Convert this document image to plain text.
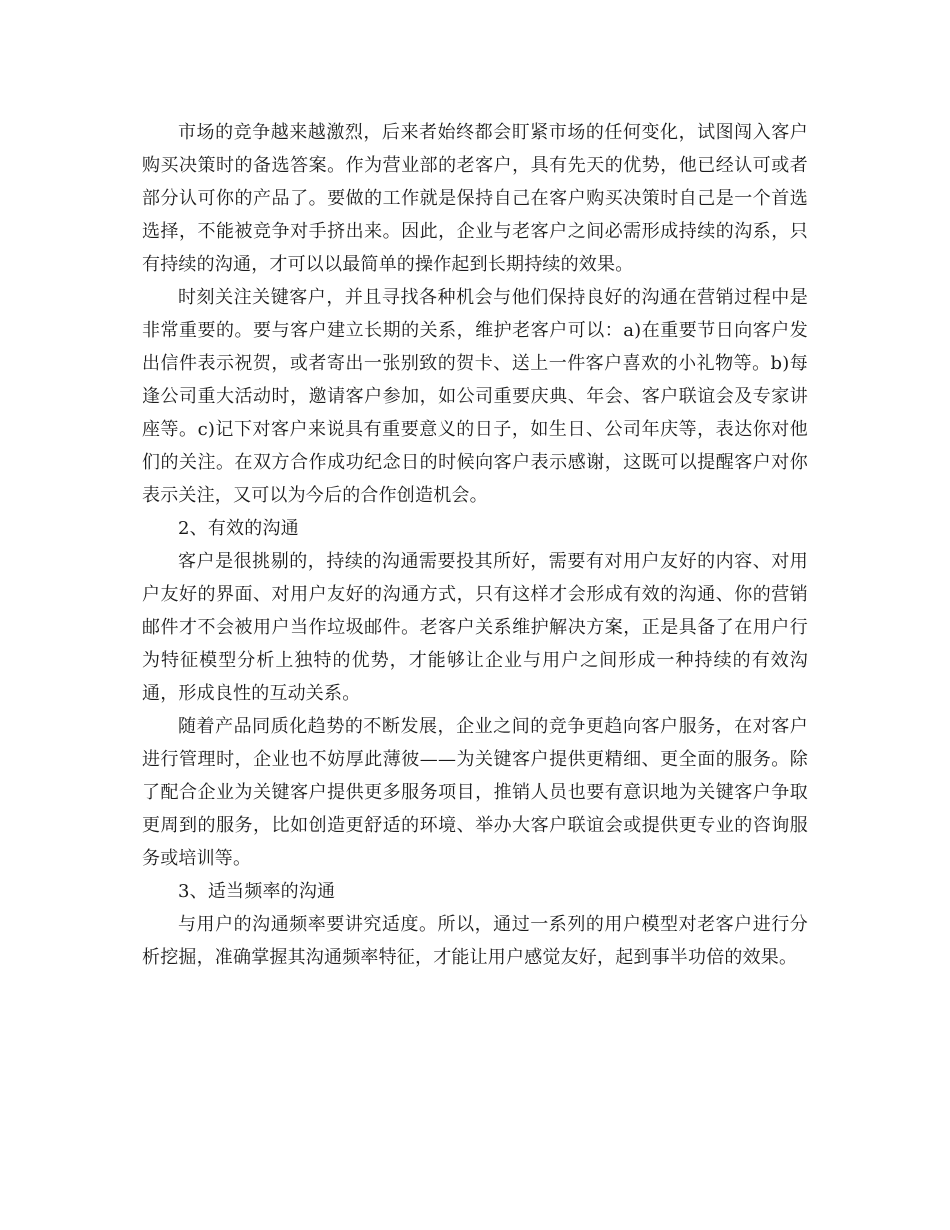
市场的竞争越来越激烈，后来者始终都会盯紧市场的任何变化，试图闯入客户购买决策时的备选答案。作为营业部的老客户，具有先天的优势，他已经认可或者部分认可你的产品了。要做的工作就是保持自己在客户购买决策时自己是一个首选选择，不能被竞争对手挤出来。因此，企业与老客户之间必需形成持续的沟系，只有持续的沟通，才可以以最简单的操作起到长期持续的效果。

时刻关注关键客户，并且寻找各种机会与他们保持良好的沟通在营销过程中是非常重要的。要与客户建立长期的关系，维护老客户可以：a)在重要节日向客户发出信件表示祝贺，或者寄出一张别致的贺卡、送上一件客户喜欢的小礼物等。b)每逢公司重大活动时，邀请客户参加，如公司重要庆典、年会、客户联谊会及专家讲座等。c)记下对客户来说具有重要意义的日子，如生日、公司年庆等，表达你对他们的关注。在双方合作成功纪念日的时候向客户表示感谢，这既可以提醒客户对你表示关注，又可以为今后的合作创造机会。

2、有效的沟通

客户是很挑剔的，持续的沟通需要投其所好，需要有对用户友好的内容、对用户友好的界面、对用户友好的沟通方式，只有这样才会形成有效的沟通、你的营销邮件才不会被用户当作垃圾邮件。老客户关系维护解决方案，正是具备了在用户行为特征模型分析上独特的优势，才能够让企业与用户之间形成一种持续的有效沟通，形成良性的互动关系。

随着产品同质化趋势的不断发展，企业之间的竞争更趋向客户服务，在对客户进行管理时，企业也不妨厚此薄彼——为关键客户提供更精细、更全面的服务。除了配合企业为关键客户提供更多服务项目，推销人员也要有意识地为关键客户争取更周到的服务，比如创造更舒适的环境、举办大客户联谊会或提供更专业的咨询服务或培训等。

3、适当频率的沟通

与用户的沟通频率要讲究适度。所以，通过一系列的用户模型对老客户进行分析挖掘，准确掌握其沟通频率特征，才能让用户感觉友好，起到事半功倍的效果。
